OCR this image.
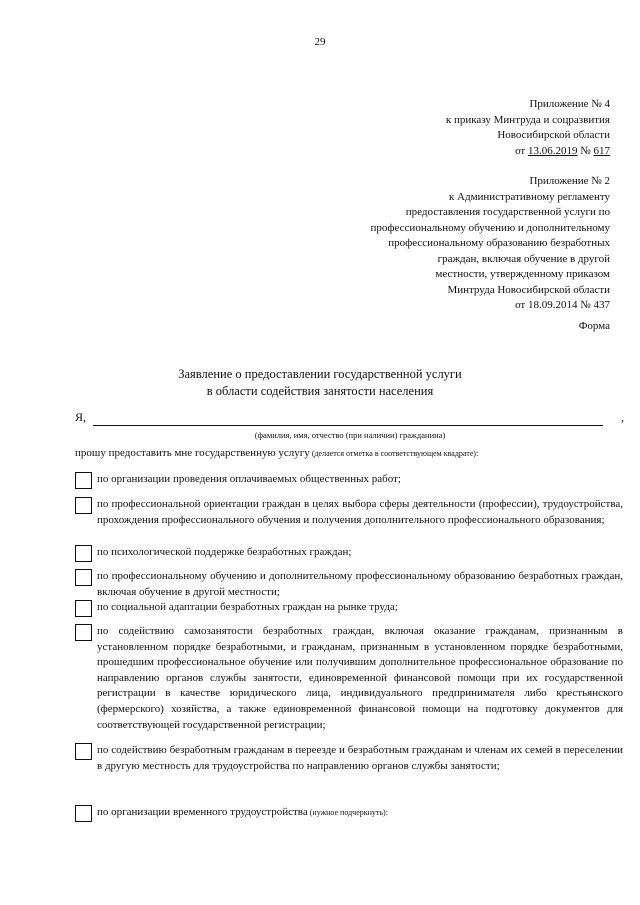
29
Приложение № 4
к приказу Минтруда и соцразвития
Новосибирской области
от 13.06.2019 № 617
Приложение № 2
к Административному регламенту
предоставления государственной услуги по
профессиональному обучению и дополнительному
профессиональному образованию безработных
граждан, включая обучение в другой
местности, утвержденному приказом
Минтруда Новосибирской области
от 18.09.2014 № 437
Форма
Заявление о предоставлении государственной услуги
в области содействия занятости населения
Я,	,
(фамилия, имя, отчество (при наличии) гражданина)
прошу предоставить мне государственную услугу (делается отметка в соответствующем квадрате):
по организации проведения оплачиваемых общественных работ;
по профессиональной ориентации граждан в целях выбора сферы деятельности (профессии), трудоустройства, прохождения профессионального обучения и получения дополнительного профессионального образования;
по психологической поддержке безработных граждан;
по профессиональному обучению и дополнительному профессиональному образованию безработных граждан, включая обучение в другой местности;
по социальной адаптации безработных граждан на рынке труда;
по содействию самозанятости безработных граждан, включая оказание гражданам, признанным в установленном порядке безработными, и гражданам, признанным в установленном порядке безработными, прошедшим профессиональное обучение или получившим дополнительное профессиональное образование по направлению органов службы занятости, единовременной финансовой помощи при их государственной регистрации в качестве юридического лица, индивидуального предпринимателя либо крестьянского (фермерского) хозяйства, а также единовременной финансовой помощи на подготовку документов для соответствующей государственной регистрации;
по содействию безработным гражданам в переезде и безработным гражданам и членам их семей в переселении в другую местность для трудоустройства по направлению органов службы занятости;
по организации временного трудоустройства (нужное подчеркнуть):
